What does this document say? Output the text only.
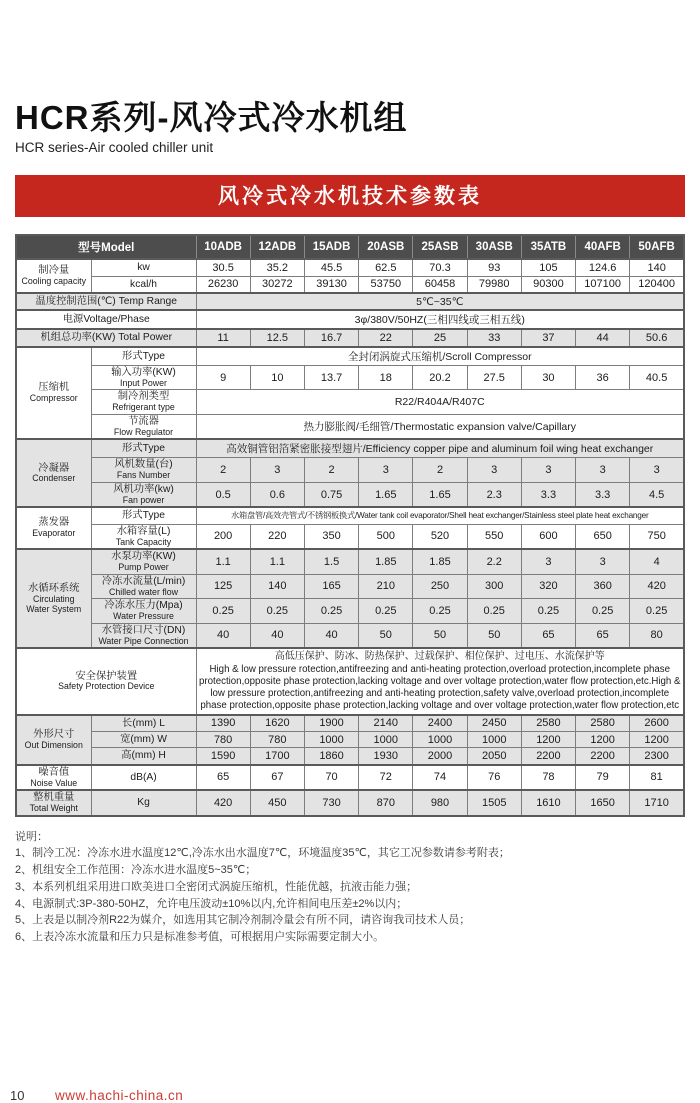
HCR系列-风冷式冷水机组
HCR series-Air cooled chiller unit
风冷式冷水机技术参数表
型号Model		10ADB	12ADB	15ADB	20ASB	25ASB	30ASB	35ATB	40AFB	50AFB

制冷量
Cooling capacity	kw	30.5	35.2	45.5	62.5	70.3	93	105	124.6	140

	kcal/h	26230	30272	39130	53750	60458	79980	90300	107100	120400

温度控制范围(℃) Temp Range		5℃~35℃								

电源Voltage/Phase		3φ/380V/50HZ(三相四线或三相五线)								

机组总功率(KW) Total Power		11	12.5	16.7	22	25	33	37	44	50.6

压缩机
Compressor	形式Type	全封闭涡旋式压缩机/Scroll Compressor								

	输入功率(KW)
Input Power	9	10	13.7	18	20.2	27.5	30	36	40.5

	制冷剂类型
Refrigerant type	R22/R404A/R407C								

	节流器
Flow Regulator	热力膨胀阀/毛细管/Thermostatic expansion valve/Capillary								

冷凝器
Condenser	形式Type	高效铜管铝箔紧密胀接型翅片/Efficiency copper pipe and aluminum foil wing heat exchanger								

	风机数量(台)
Fans Number	2	3	2	3	2	3	3	3	3

	风机功率(kw)
Fan power	0.5	0.6	0.75	1.65	1.65	2.3	3.3	3.3	4.5

蒸发器
Evaporator	形式Type	水箱盘管/高效壳管式/不锈钢板换式/Water tank coil evaporator/Shell heat exchanger/Stainless steel plate heat exchanger								

	水箱容量(L)
Tank Capacity	200	220	350	500	520	550	600	650	750

水循环系统
Circulating
Water System

水泵功率(KW)
Pump Power	1.1	1.1	1.5	1.85	1.85	2.2	3	3	4

	冷冻水流量(L/min)
Chilled water flow	125	140	165	210	250	300	320	360	420

	冷冻水压力(Mpa)
Water Pressure	0.25	0.25	0.25	0.25	0.25	0.25	0.25	0.25	0.25

	水管接口尺寸(DN)
Water Pipe Connection	40	40	40	50	50	50	65	65	80

安全保护装置
Safety Protection Device

高低压保护、防冰、防热保护、过载保护、相位保护、过电压、水流保护等
High & low pressure rotection,antifreezing and anti-heating protection,overload protection,incomplete phase protection,opposite phase protection,lacking voltage and over voltage protection,water flow protection,etc.High & low pressure protection,antifreezing and anti-heating protection,safety valve,overload protection,incomplete phase protection,opposite phase protection,lacking voltage and over voltage protection,water flow protection,etc

外形尺寸
Out Dimension	长(mm) L	1390	1620	1900	2140	2400	2450	2580	2580	2600

	宽(mm) W	780	780	1000	1000	1000	1000	1200	1200	1200

	高(mm) H	1590	1700	1860	1930	2000	2050	2200	2200	2300

噪音值
Noise Value	dB(A)	65	67	70	72	74	76	78	79	81

整机重量
Total Weight	Kg	420	450	730	870	980	1505	1610	1650	1710
说明：
1、制冷工况：冷冻水进水温度12℃,冷冻水出水温度7℃，环境温度35℃，其它工况参数请参考附表；
2、机组安全工作范围：冷冻水进水温度5~35℃；
3、本系列机组采用进口欧美进口全密闭式涡旋压缩机，性能优越，抗液击能力强；
4、电源制式:3P-380-50HZ，允许电压波动±10%以内,允许相间电压差±2%以内；
5、上表是以制冷剂R22为媒介，如选用其它制冷剂制冷量会有所不同，请咨询我司技术人员；
6、上表冷冻水流量和压力只是标准参考值，可根据用户实际需要定制大小。
10 www.hachi-china.cn
